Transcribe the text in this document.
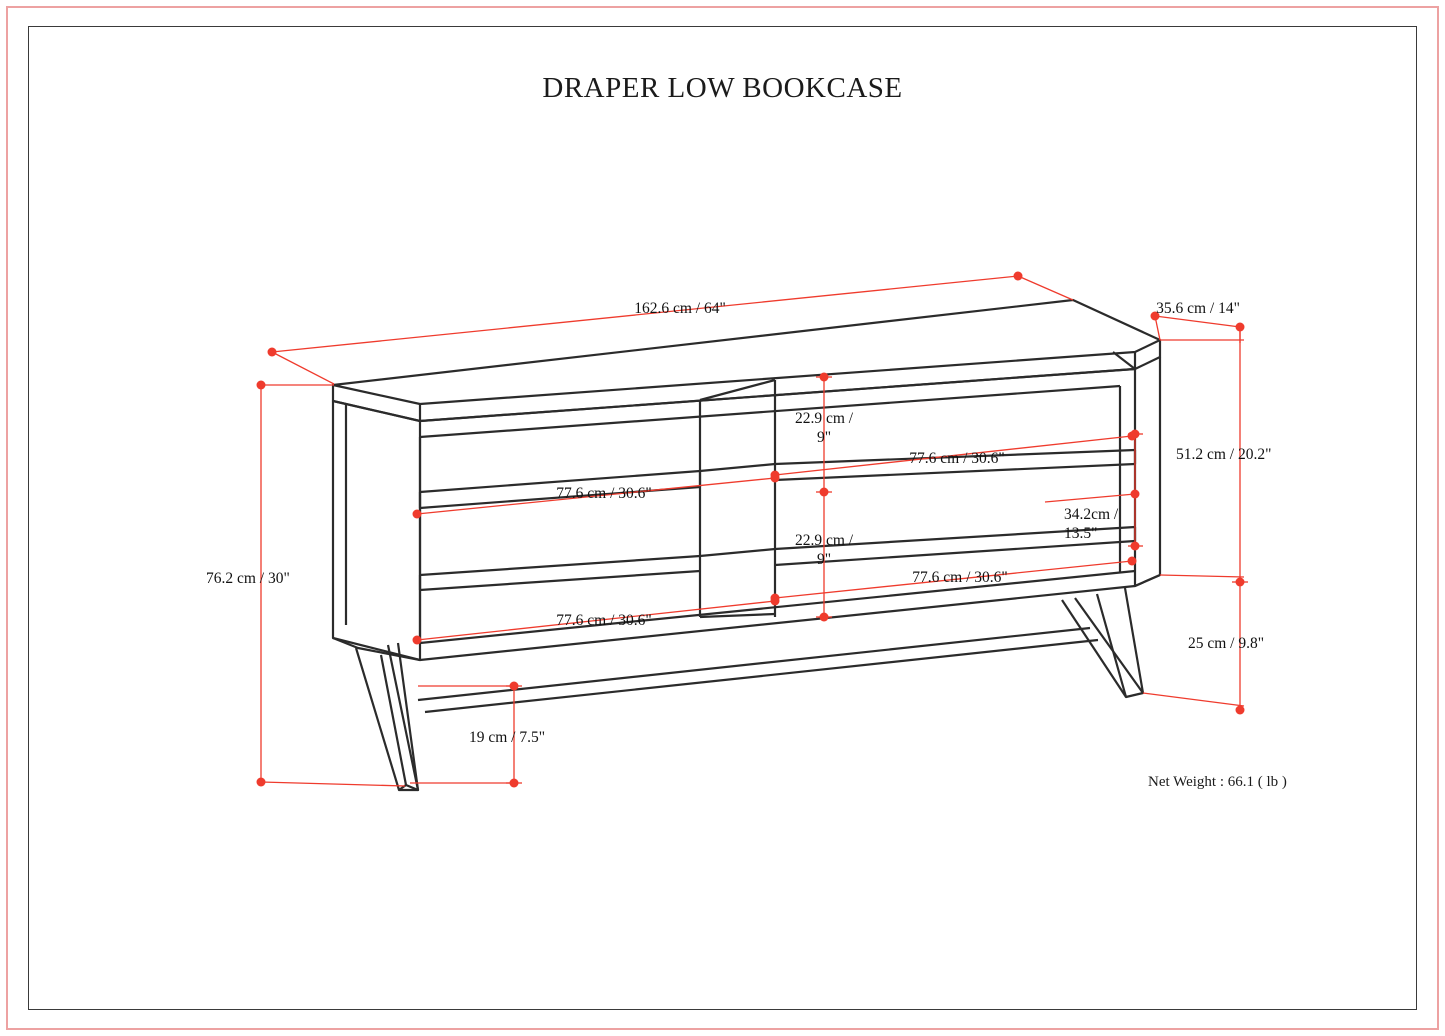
DRAPER LOW BOOKCASE
162.6 cm / 64"	35.6 cm / 14"
51.2 cm / 20.2"
25 cm / 9.8"
76.2 cm / 30"
19 cm / 7.5"
22.9 cm /
9"
22.9 cm /
9"
34.2cm /
13.5"
77.6 cm / 30.6"
77.6 cm / 30.6"
77.6 cm / 30.6"
77.6 cm / 30.6"
Net Weight : 66.1 ( lb )
